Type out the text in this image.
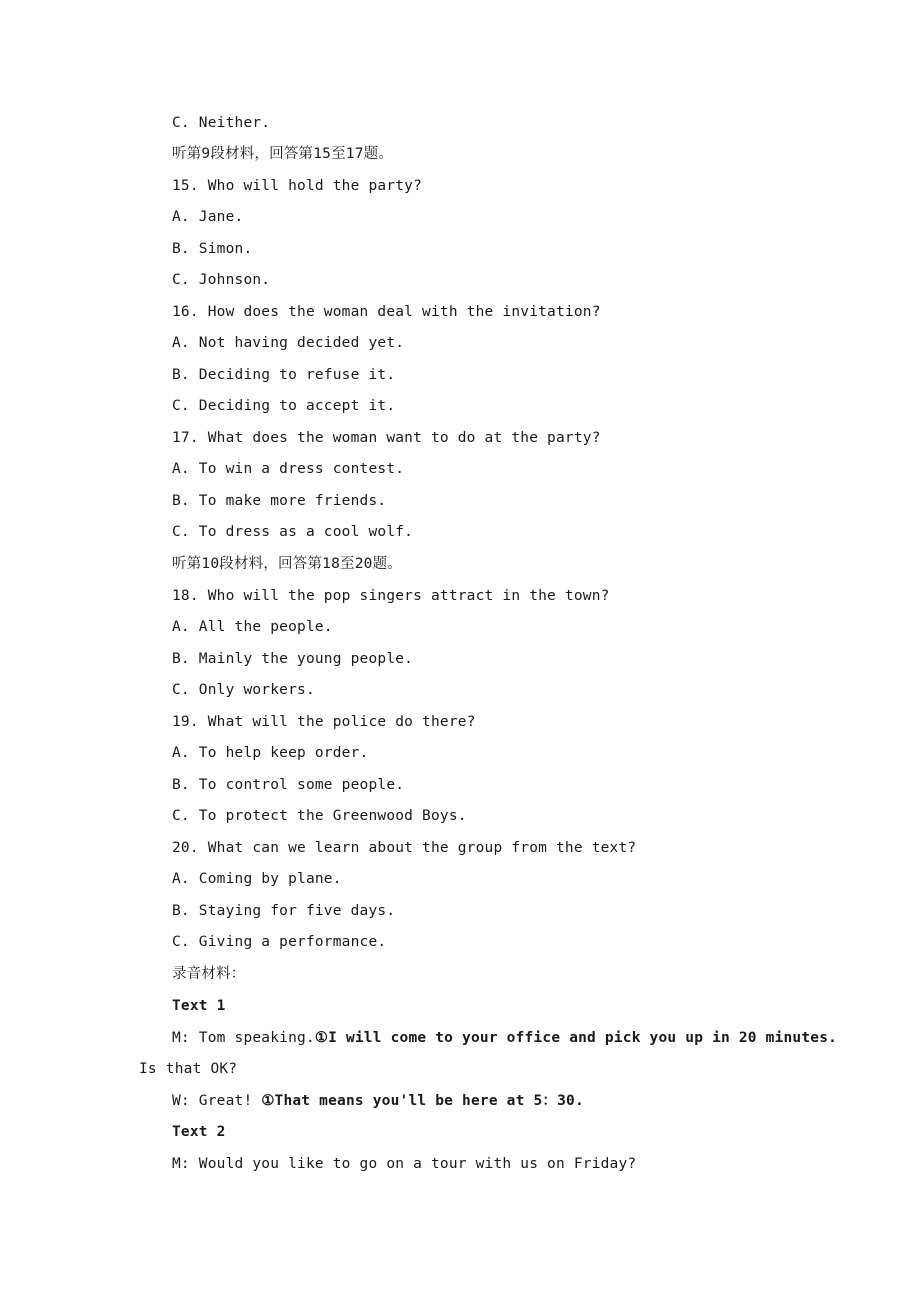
C. Neither.
听第9段材料，回答第15至17题。
15. Who will hold the party?
A. Jane.
B. Simon.
C. Johnson.
16. How does the woman deal with the invitation?
A. Not having decided yet.
B. Deciding to refuse it.
C. Deciding to accept it.
17. What does the woman want to do at the party?
A. To win a dress contest.
B. To make more friends.
C. To dress as a cool wolf.
听第10段材料，回答第18至20题。
18. Who will the pop singers attract in the town?
A. All the people.
B. Mainly the young people.
C. Only workers.
19. What will the police do there?
A. To help keep order.
B. To control some people.
C. To protect the Greenwood Boys.
20. What can we learn about the group from the text?
A. Coming by plane.
B. Staying for five days.
C. Giving a performance.
录音材料：
Text 1
M: Tom speaking.①I will come to your office and pick you up in 20 minutes.
Is that OK?
W: Great! ①That means you'll be here at 5：30.
Text 2
M: Would you like to go on a tour with us on Friday?
